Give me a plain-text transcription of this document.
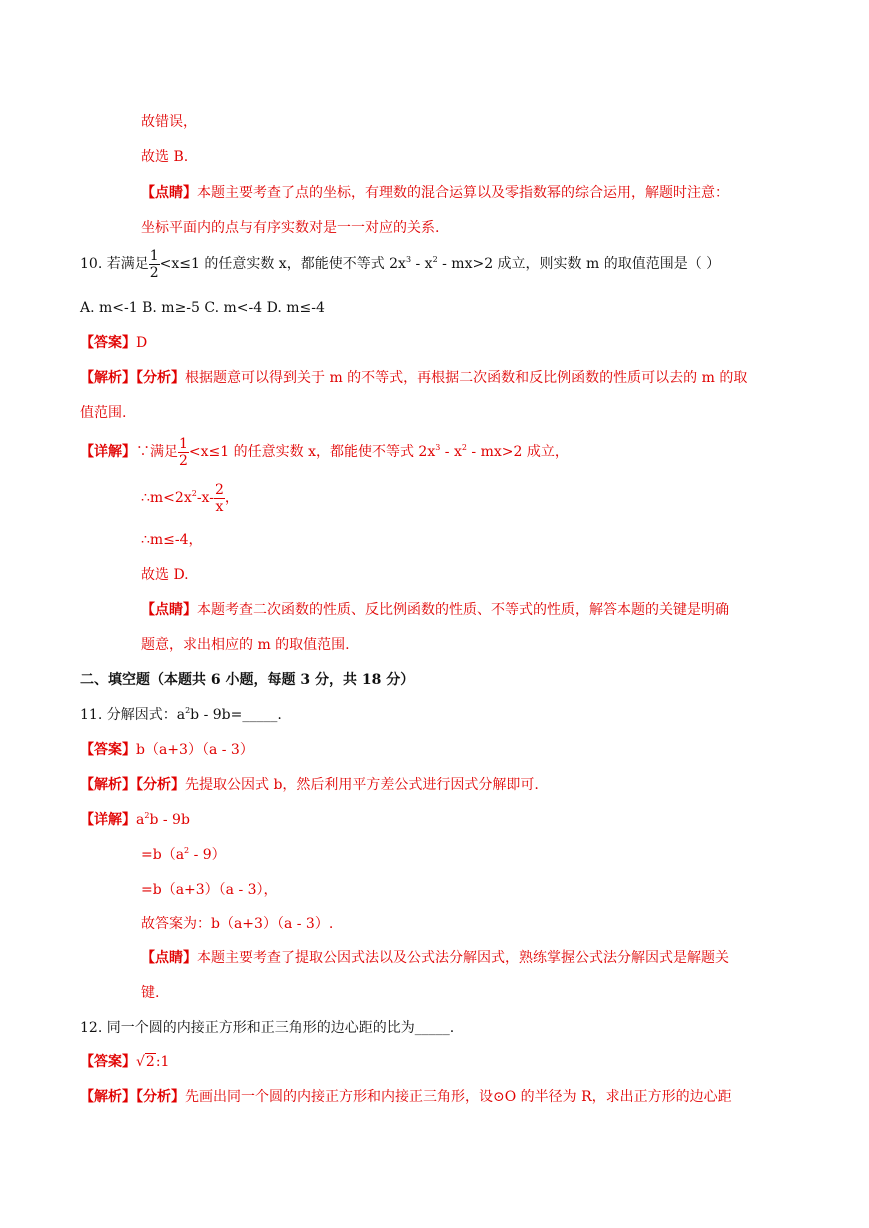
故错误，
故选 B.
【点睛】本题主要考查了点的坐标，有理数的混合运算以及零指数幂的综合运用，解题时注意：
坐标平面内的点与有序实数对是一一对应的关系.
10. 若满足 $\frac{1}{2} <x\le 1$ 的任意实数 x，都能使不等式 $2x^3 - x^2 - mx>2$ 成立，则实数 m 的取值范围是（ ）
A. m<-1 B. m≥-5 C. m<-4 D. m≤-4
【答案】D
【解析】【分析】根据题意可以得到关于 m 的不等式，再根据二次函数和反比例函数的性质可以去的 m 的取
值范围.
【详解】∵满足 $\frac{1}{2} <x\le 1$ 的任意实数 x，都能使不等式 $2x^3 - x^2 - mx>2$ 成立，
$\therefore m<2x^2-x- \frac{2}{x}$ ，
∴m≤-4，
故选 D.
【点睛】本题考查二次函数的性质、反比例函数的性质、不等式的性质，解答本题的关键是明确
题意，求出相应的 m 的取值范围.
二、填空题（本题共 6 小题，每题 3 分，共 18 分）
11. 分解因式：$a^2b$ - 9b=_____.
【答案】b（a+3）（a - 3）
【解析】【分析】先提取公因式 b，然后利用平方差公式进行因式分解即可.
【详解】$a^2b - 9b$
$=b(a^2 - 9)$
=b（a+3）（a - 3），
故答案为：b（a+3）（a - 3）.
【点睛】本题主要考查了提取公因式法以及公式法分解因式，熟练掌握公式法分解因式是解题关
键.
12. 同一个圆的内接正方形和正三角形的边心距的比为_____.
【答案】√2:1
【解析】【分析】先画出同一个圆的内接正方形和内接正三角形，设⊙O 的半径为 R，求出正方形的边心距
